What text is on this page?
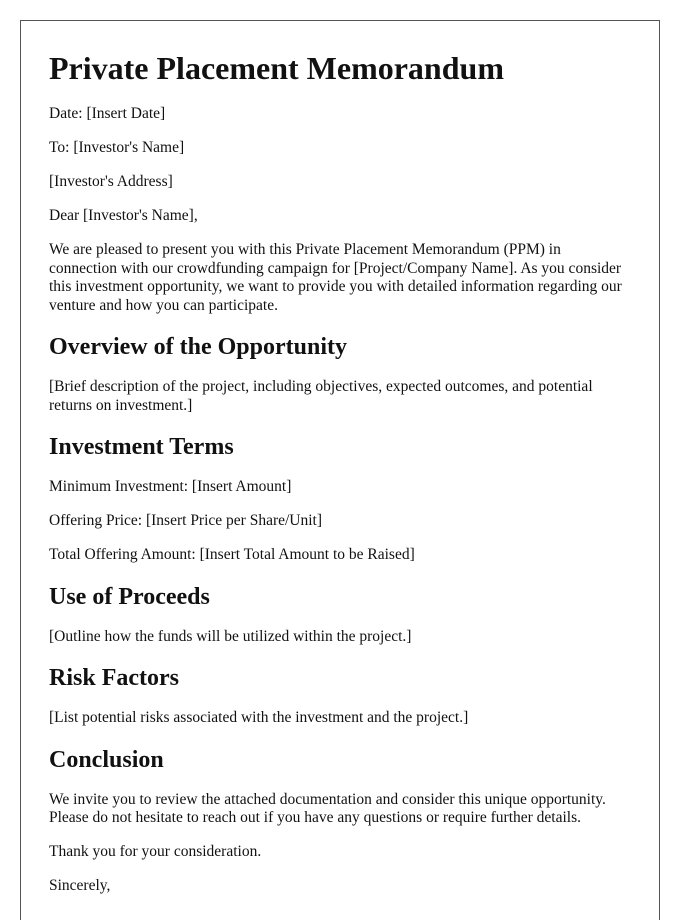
Private Placement Memorandum

Date: [Insert Date]

To: [Investor's Name]

[Investor's Address]

Dear [Investor's Name],

We are pleased to present you with this Private Placement Memorandum (PPM) in connection with our crowdfunding campaign for [Project/Company Name]. As you consider this investment opportunity, we want to provide you with detailed information regarding our venture and how you can participate.

Overview of the Opportunity

[Brief description of the project, including objectives, expected outcomes, and potential returns on investment.]

Investment Terms

Minimum Investment: [Insert Amount]

Offering Price: [Insert Price per Share/Unit]

Total Offering Amount: [Insert Total Amount to be Raised]

Use of Proceeds

[Outline how the funds will be utilized within the project.]

Risk Factors

[List potential risks associated with the investment and the project.]

Conclusion

We invite you to review the attached documentation and consider this unique opportunity. Please do not hesitate to reach out if you have any questions or require further details.

Thank you for your consideration.

Sincerely,
